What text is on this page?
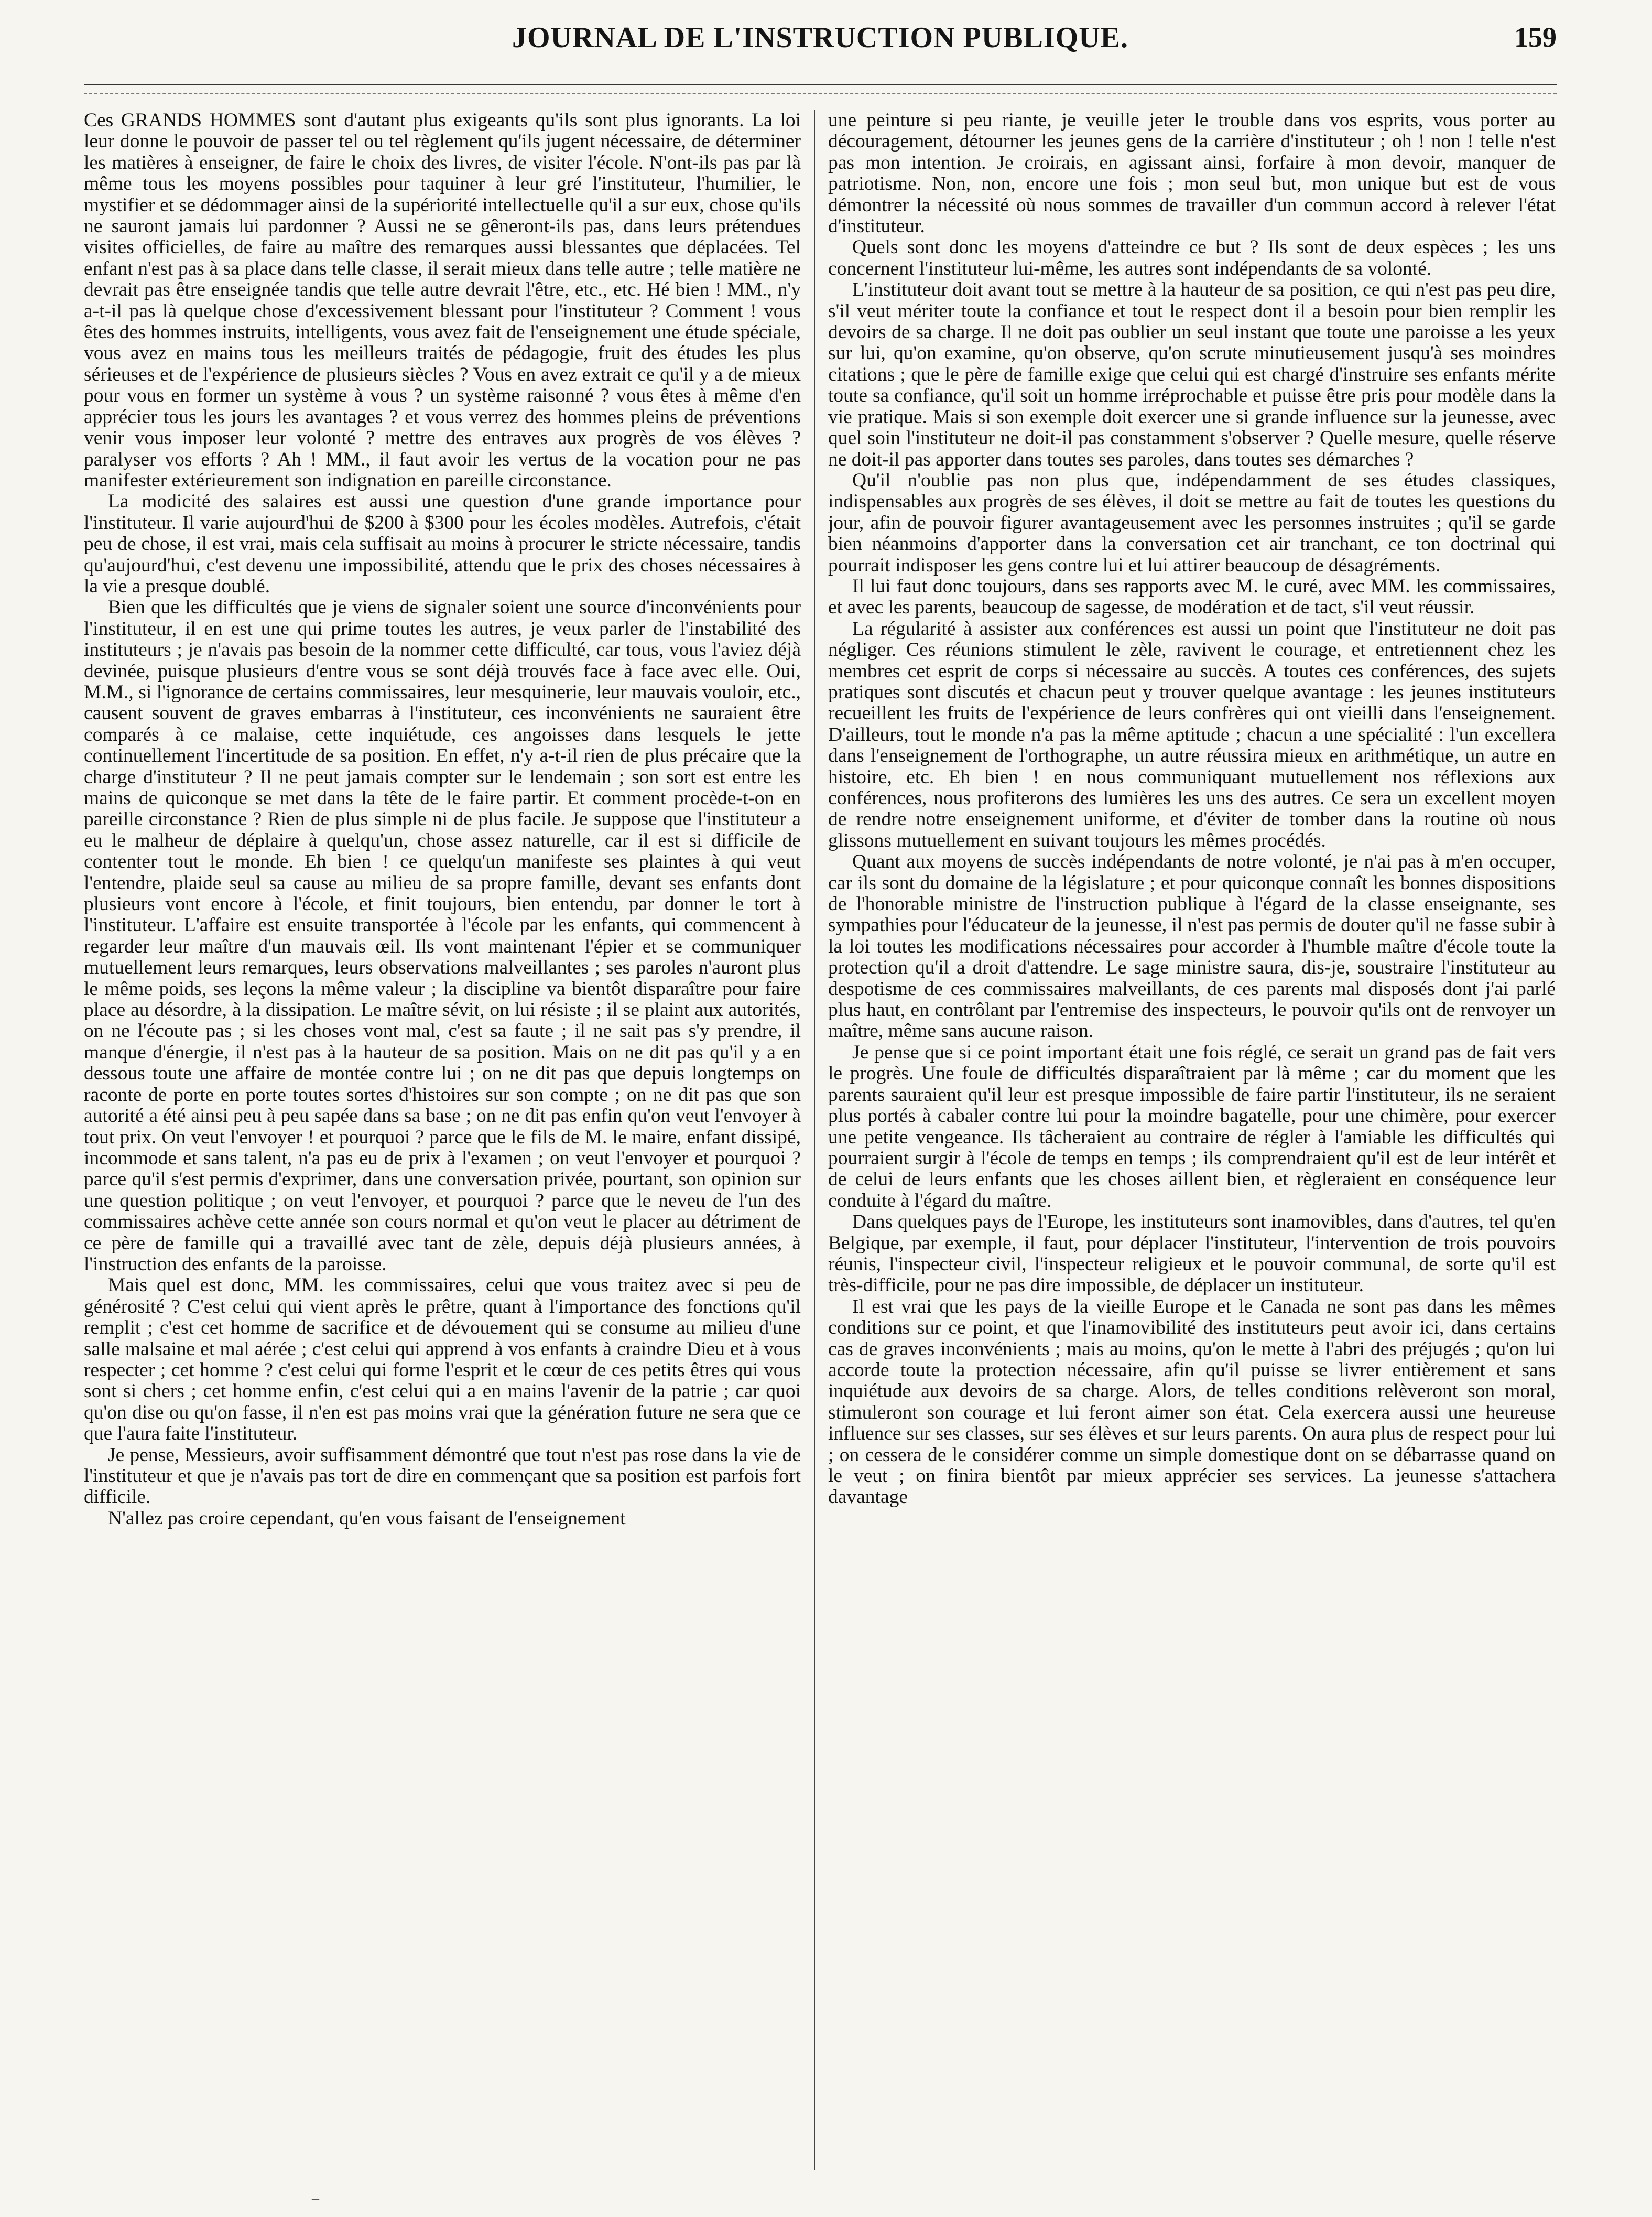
JOURNAL DE L'INSTRUCTION PUBLIQUE.	159

Ces GRANDS HOMMES sont d'autant plus exigeants qu'ils sont plus ignorants. La loi leur donne le pouvoir de passer tel ou tel règlement qu'ils jugent nécessaire, de déterminer les matières à enseigner, de faire le choix des livres, de visiter l'école. N'ont-ils pas par là même tous les moyens possibles pour taquiner à leur gré l'instituteur, l'humilier, le mystifier et se dédommager ainsi de la supériorité intellectuelle qu'il a sur eux, chose qu'ils ne sauront jamais lui pardonner ? Aussi ne se gêneront-ils pas, dans leurs prétendues visites officielles, de faire au maître des remarques aussi blessantes que déplacées. Tel enfant n'est pas à sa place dans telle classe, il serait mieux dans telle autre ; telle matière ne devrait pas être enseignée tandis que telle autre devrait l'être, etc., etc. Hé bien ! MM., n'y a-t-il pas là quelque chose d'excessivement blessant pour l'instituteur ? Comment ! vous êtes des hommes instruits, intelligents, vous avez fait de l'enseignement une étude spéciale, vous avez en mains tous les meilleurs traités de pédagogie, fruit des études les plus sérieuses et de l'expérience de plusieurs siècles ? Vous en avez extrait ce qu'il y a de mieux pour vous en former un système à vous ? un système raisonné ? vous êtes à même d'en apprécier tous les jours les avantages ? et vous verrez des hommes pleins de préventions venir vous imposer leur volonté ? mettre des entraves aux progrès de vos élèves ? paralyser vos efforts ? Ah ! MM., il faut avoir les vertus de la vocation pour ne pas manifester extérieurement son indignation en pareille circonstance.

La modicité des salaires est aussi une question d'une grande importance pour l'instituteur. Il varie aujourd'hui de $200 à $300 pour les écoles modèles. Autrefois, c'était peu de chose, il est vrai, mais cela suffisait au moins à procurer le stricte nécessaire, tandis qu'aujourd'hui, c'est devenu une impossibilité, attendu que le prix des choses nécessaires à la vie a presque doublé.

Bien que les difficultés que je viens de signaler soient une source d'inconvénients pour l'instituteur, il en est une qui prime toutes les autres, je veux parler de l'instabilité des instituteurs ; je n'avais pas besoin de la nommer cette difficulté, car tous, vous l'aviez déjà devinée, puisque plusieurs d'entre vous se sont déjà trouvés face à face avec elle. Oui, M.M., si l'ignorance de certains commissaires, leur mesquinerie, leur mauvais vouloir, etc., causent souvent de graves embarras à l'instituteur, ces inconvénients ne sauraient être comparés à ce malaise, cette inquiétude, ces angoisses dans lesquels le jette continuellement l'incertitude de sa position. En effet, n'y a-t-il rien de plus précaire que la charge d'instituteur ? Il ne peut jamais compter sur le lendemain ; son sort est entre les mains de quiconque se met dans la tête de le faire partir. Et comment procède-t-on en pareille circonstance ? Rien de plus simple ni de plus facile. Je suppose que l'instituteur a eu le malheur de déplaire à quelqu'un, chose assez naturelle, car il est si difficile de contenter tout le monde. Eh bien ! ce quelqu'un manifeste ses plaintes à qui veut l'entendre, plaide seul sa cause au milieu de sa propre famille, devant ses enfants dont plusieurs vont encore à l'école, et finit toujours, bien entendu, par donner le tort à l'instituteur. L'affaire est ensuite transportée à l'école par les enfants, qui commencent à regarder leur maître d'un mauvais œil. Ils vont maintenant l'épier et se communiquer mutuellement leurs remarques, leurs observations malveillantes ; ses paroles n'auront plus le même poids, ses leçons la même valeur ; la discipline va bientôt disparaître pour faire place au désordre, à la dissipation. Le maître sévit, on lui résiste ; il se plaint aux autorités, on ne l'écoute pas ; si les choses vont mal, c'est sa faute ; il ne sait pas s'y prendre, il manque d'énergie, il n'est pas à la hauteur de sa position. Mais on ne dit pas qu'il y a en dessous toute une affaire de montée contre lui ; on ne dit pas que depuis longtemps on raconte de porte en porte toutes sortes d'histoires sur son compte ; on ne dit pas que son autorité a été ainsi peu à peu sapée dans sa base ; on ne dit pas enfin qu'on veut l'envoyer à tout prix. On veut l'envoyer ! et pourquoi ? parce que le fils de M. le maire, enfant dissipé, incommode et sans talent, n'a pas eu de prix à l'examen ; on veut l'envoyer et pourquoi ? parce qu'il s'est permis d'exprimer, dans une conversation privée, pourtant, son opinion sur une question politique ; on veut l'envoyer, et pourquoi ? parce que le neveu de l'un des commissaires achève cette année son cours normal et qu'on veut le placer au détriment de ce père de famille qui a travaillé avec tant de zèle, depuis déjà plusieurs années, à l'instruction des enfants de la paroisse.

Mais quel est donc, MM. les commissaires, celui que vous traitez avec si peu de générosité ? C'est celui qui vient après le prêtre, quant à l'importance des fonctions qu'il remplit ; c'est cet homme de sacrifice et de dévouement qui se consume au milieu d'une salle malsaine et mal aérée ; c'est celui qui apprend à vos enfants à craindre Dieu et à vous respecter ; cet homme ? c'est celui qui forme l'esprit et le cœur de ces petits êtres qui vous sont si chers ; cet homme enfin, c'est celui qui a en mains l'avenir de la patrie ; car quoi qu'on dise ou qu'on fasse, il n'en est pas moins vrai que la génération future ne sera que ce que l'aura faite l'instituteur.

Je pense, Messieurs, avoir suffisamment démontré que tout n'est pas rose dans la vie de l'instituteur et que je n'avais pas tort de dire en commençant que sa position est parfois fort difficile.

N'allez pas croire cependant, qu'en vous faisant de l'enseignement

une peinture si peu riante, je veuille jeter le trouble dans vos esprits, vous porter au découragement, détourner les jeunes gens de la carrière d'instituteur ; oh ! non ! telle n'est pas mon intention. Je croirais, en agissant ainsi, forfaire à mon devoir, manquer de patriotisme. Non, non, encore une fois ; mon seul but, mon unique but est de vous démontrer la nécessité où nous sommes de travailler d'un commun accord à relever l'état d'instituteur.

Quels sont donc les moyens d'atteindre ce but ? Ils sont de deux espèces ; les uns concernent l'instituteur lui-même, les autres sont indépendants de sa volonté.

L'instituteur doit avant tout se mettre à la hauteur de sa position, ce qui n'est pas peu dire, s'il veut mériter toute la confiance et tout le respect dont il a besoin pour bien remplir les devoirs de sa charge. Il ne doit pas oublier un seul instant que toute une paroisse a les yeux sur lui, qu'on examine, qu'on observe, qu'on scrute minutieusement jusqu'à ses moindres citations ; que le père de famille exige que celui qui est chargé d'instruire ses enfants mérite toute sa confiance, qu'il soit un homme irréprochable et puisse être pris pour modèle dans la vie pratique. Mais si son exemple doit exercer une si grande influence sur la jeunesse, avec quel soin l'instituteur ne doit-il pas constamment s'observer ? Quelle mesure, quelle réserve ne doit-il pas apporter dans toutes ses paroles, dans toutes ses démarches ?

Qu'il n'oublie pas non plus que, indépendamment de ses études classiques, indispensables aux progrès de ses élèves, il doit se mettre au fait de toutes les questions du jour, afin de pouvoir figurer avantageusement avec les personnes instruites ; qu'il se garde bien néanmoins d'apporter dans la conversation cet air tranchant, ce ton doctrinal qui pourrait indisposer les gens contre lui et lui attirer beaucoup de désagréments.

Il lui faut donc toujours, dans ses rapports avec M. le curé, avec MM. les commissaires, et avec les parents, beaucoup de sagesse, de modération et de tact, s'il veut réussir.

La régularité à assister aux conférences est aussi un point que l'instituteur ne doit pas négliger. Ces réunions stimulent le zèle, ravivent le courage, et entretiennent chez les membres cet esprit de corps si nécessaire au succès. A toutes ces conférences, des sujets pratiques sont discutés et chacun peut y trouver quelque avantage : les jeunes instituteurs recueillent les fruits de l'expérience de leurs confrères qui ont vieilli dans l'enseignement. D'ailleurs, tout le monde n'a pas la même aptitude ; chacun a une spécialité : l'un excellera dans l'enseignement de l'orthographe, un autre réussira mieux en arithmétique, un autre en histoire, etc. Eh bien ! en nous communiquant mutuellement nos réflexions aux conférences, nous profiterons des lumières les uns des autres. Ce sera un excellent moyen de rendre notre enseignement uniforme, et d'éviter de tomber dans la routine où nous glissons mutuellement en suivant toujours les mêmes procédés.

Quant aux moyens de succès indépendants de notre volonté, je n'ai pas à m'en occuper, car ils sont du domaine de la législature ; et pour quiconque connaît les bonnes dispositions de l'honorable ministre de l'instruction publique à l'égard de la classe enseignante, ses sympathies pour l'éducateur de la jeunesse, il n'est pas permis de douter qu'il ne fasse subir à la loi toutes les modifications nécessaires pour accorder à l'humble maître d'école toute la protection qu'il a droit d'attendre. Le sage ministre saura, dis-je, soustraire l'instituteur au despotisme de ces commissaires malveillants, de ces parents mal disposés dont j'ai parlé plus haut, en contrôlant par l'entremise des inspecteurs, le pouvoir qu'ils ont de renvoyer un maître, même sans aucune raison.

Je pense que si ce point important était une fois réglé, ce serait un grand pas de fait vers le progrès. Une foule de difficultés disparaîtraient par là même ; car du moment que les parents sauraient qu'il leur est presque impossible de faire partir l'instituteur, ils ne seraient plus portés à cabaler contre lui pour la moindre bagatelle, pour une chimère, pour exercer une petite vengeance. Ils tâcheraient au contraire de régler à l'amiable les difficultés qui pourraient surgir à l'école de temps en temps ; ils comprendraient qu'il est de leur intérêt et de celui de leurs enfants que les choses aillent bien, et règleraient en conséquence leur conduite à l'égard du maître.

Dans quelques pays de l'Europe, les instituteurs sont inamovibles, dans d'autres, tel qu'en Belgique, par exemple, il faut, pour déplacer l'instituteur, l'intervention de trois pouvoirs réunis, l'inspecteur civil, l'inspecteur religieux et le pouvoir communal, de sorte qu'il est très-difficile, pour ne pas dire impossible, de déplacer un instituteur.

Il est vrai que les pays de la vieille Europe et le Canada ne sont pas dans les mêmes conditions sur ce point, et que l'inamovibilité des instituteurs peut avoir ici, dans certains cas de graves inconvénients ; mais au moins, qu'on le mette à l'abri des préjugés ; qu'on lui accorde toute la protection nécessaire, afin qu'il puisse se livrer entièrement et sans inquiétude aux devoirs de sa charge. Alors, de telles conditions relèveront son moral, stimuleront son courage et lui feront aimer son état. Cela exercera aussi une heureuse influence sur ses classes, sur ses élèves et sur leurs parents. On aura plus de respect pour lui ; on cessera de le considérer comme un simple domestique dont on se débarrasse quand on le veut ; on finira bientôt par mieux apprécier ses services. La jeunesse s'attachera davantage

–
